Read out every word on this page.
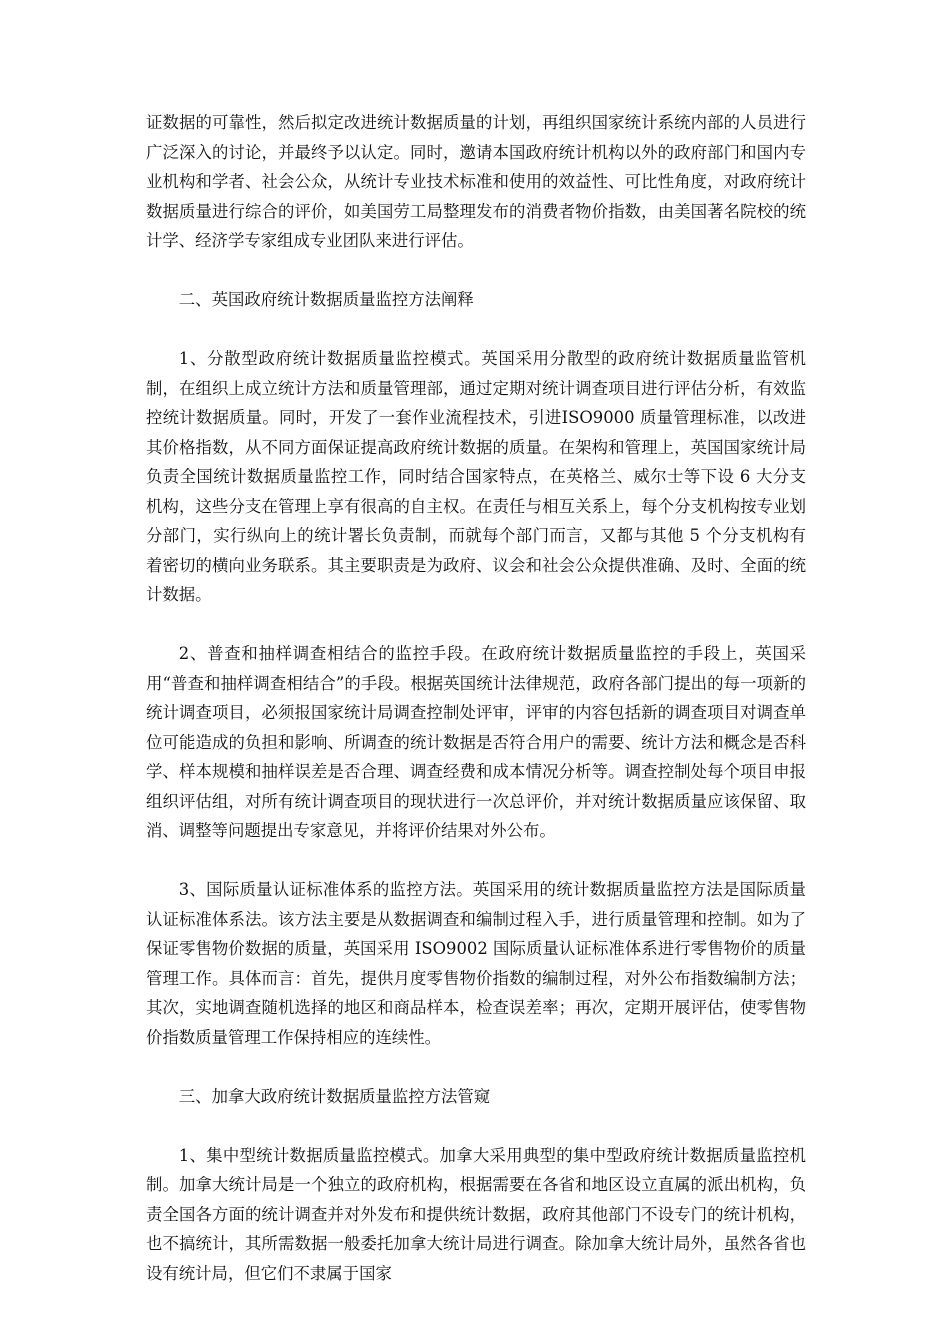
证数据的可靠性，然后拟定改进统计数据质量的计划，再组织国家统计系统内部的人员进行广泛深入的讨论，并最终予以认定。同时，邀请本国政府统计机构以外的政府部门和国内专业机构和学者、社会公众，从统计专业技术标准和使用的效益性、可比性角度，对政府统计数据质量进行综合的评价，如美国劳工局整理发布的消费者物价指数，由美国著名院校的统计学、经济学专家组成专业团队来进行评估。

二、英国政府统计数据质量监控方法阐释

1、分散型政府统计数据质量监控模式。英国采用分散型的政府统计数据质量监管机制，在组织上成立统计方法和质量管理部，通过定期对统计调查项目进行评估分析，有效监控统计数据质量。同时，开发了一套作业流程技术，引进ISO9000 质量管理标准，以改进其价格指数，从不同方面保证提高政府统计数据的质量。在架构和管理上，英国国家统计局负责全国统计数据质量监控工作，同时结合国家特点，在英格兰、威尔士等下设 6 大分支机构，这些分支在管理上享有很高的自主权。在责任与相互关系上，每个分支机构按专业划分部门，实行纵向上的统计署长负责制，而就每个部门而言，又都与其他 5 个分支机构有着密切的横向业务联系。其主要职责是为政府、议会和社会公众提供准确、及时、全面的统计数据。

2、普查和抽样调查相结合的监控手段。在政府统计数据质量监控的手段上，英国采用“普查和抽样调查相结合”的手段。根据英国统计法律规范，政府各部门提出的每一项新的统计调查项目，必须报国家统计局调查控制处评审，评审的内容包括新的调查项目对调查单位可能造成的负担和影响、所调查的统计数据是否符合用户的需要、统计方法和概念是否科学、样本规模和抽样误差是否合理、调查经费和成本情况分析等。调查控制处每个项目申报组织评估组，对所有统计调查项目的现状进行一次总评价，并对统计数据质量应该保留、取消、调整等问题提出专家意见，并将评价结果对外公布。

3、国际质量认证标准体系的监控方法。英国采用的统计数据质量监控方法是国际质量认证标准体系法。该方法主要是从数据调查和编制过程入手，进行质量管理和控制。如为了保证零售物价数据的质量，英国采用 ISO9002 国际质量认证标准体系进行零售物价的质量管理工作。具体而言：首先，提供月度零售物价指数的编制过程，对外公布指数编制方法；其次，实地调查随机选择的地区和商品样本，检查误差率；再次，定期开展评估，使零售物价指数质量管理工作保持相应的连续性。

三、加拿大政府统计数据质量监控方法管窥

1、集中型统计数据质量监控模式。加拿大采用典型的集中型政府统计数据质量监控机制。加拿大统计局是一个独立的政府机构，根据需要在各省和地区设立直属的派出机构，负责全国各方面的统计调查并对外发布和提供统计数据，政府其他部门不设专门的统计机构，也不搞统计，其所需数据一般委托加拿大统计局进行调查。除加拿大统计局外，虽然各省也设有统计局，但它们不隶属于国家
